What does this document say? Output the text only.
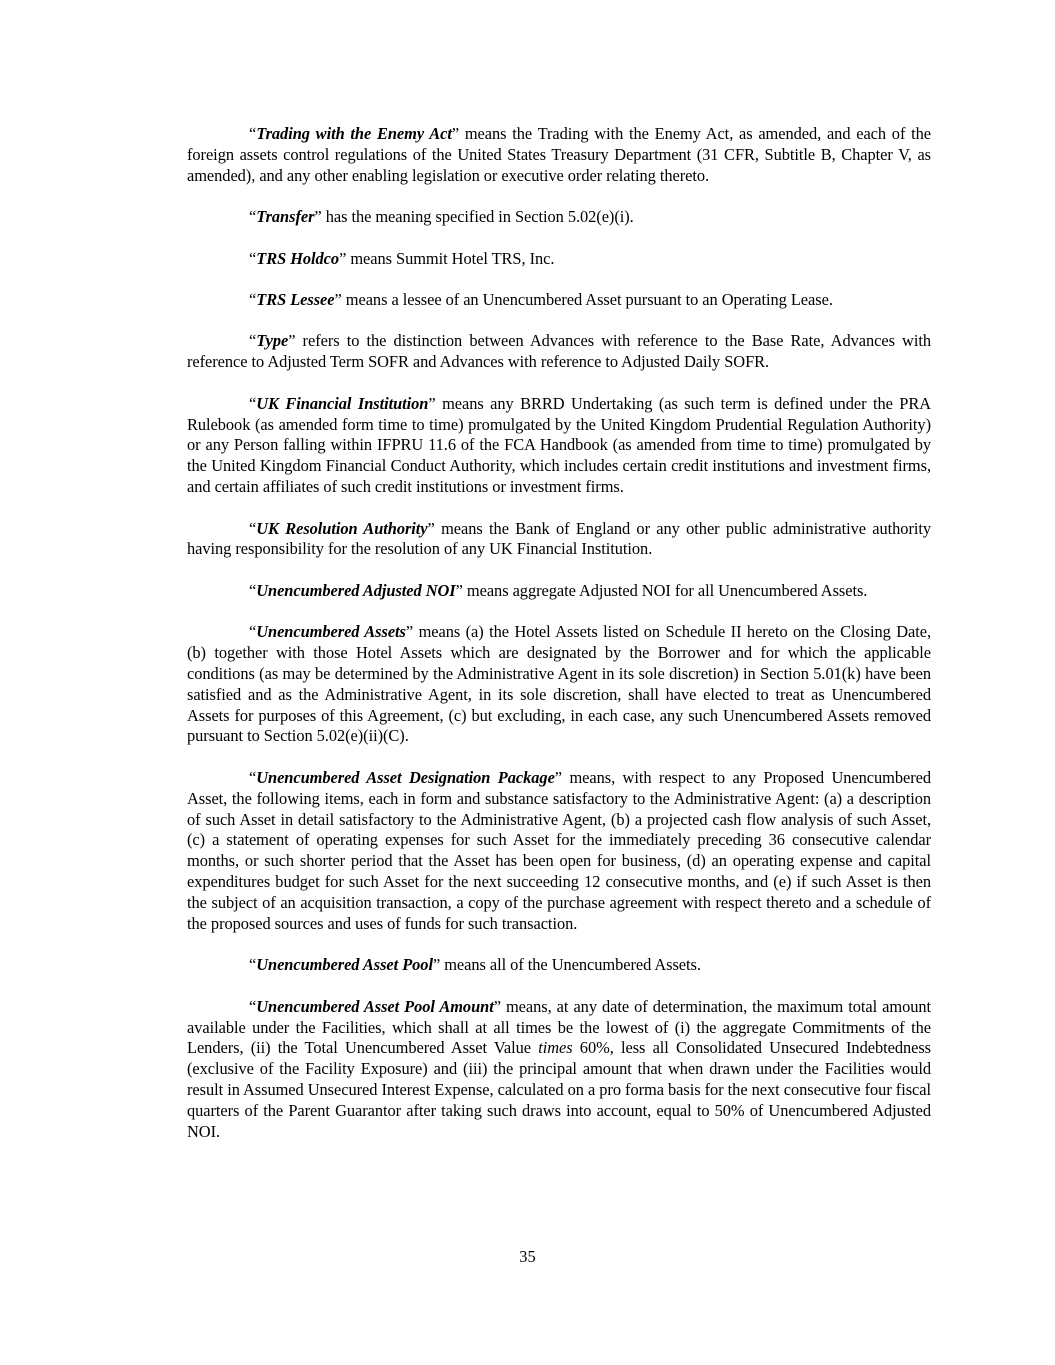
“Trading with the Enemy Act” means the Trading with the Enemy Act, as amended, and each of the foreign assets control regulations of the United States Treasury Department (31 CFR, Subtitle B, Chapter V, as amended), and any other enabling legislation or executive order relating thereto.

“Transfer” has the meaning specified in Section 5.02(e)(i).

“TRS Holdco” means Summit Hotel TRS, Inc.

“TRS Lessee” means a lessee of an Unencumbered Asset pursuant to an Operating Lease.

“Type” refers to the distinction between Advances with reference to the Base Rate, Advances with reference to Adjusted Term SOFR and Advances with reference to Adjusted Daily SOFR.

“UK Financial Institution” means any BRRD Undertaking (as such term is defined under the PRA Rulebook (as amended form time to time) promulgated by the United Kingdom Prudential Regulation Authority) or any Person falling within IFPRU 11.6 of the FCA Handbook (as amended from time to time) promulgated by the United Kingdom Financial Conduct Authority, which includes certain credit institutions and investment firms, and certain affiliates of such credit institutions or investment firms.

“UK Resolution Authority” means the Bank of England or any other public administrative authority having responsibility for the resolution of any UK Financial Institution.

“Unencumbered Adjusted NOI” means aggregate Adjusted NOI for all Unencumbered Assets.

“Unencumbered Assets” means (a) the Hotel Assets listed on Schedule II hereto on the Closing Date, (b) together with those Hotel Assets which are designated by the Borrower and for which the applicable conditions (as may be determined by the Administrative Agent in its sole discretion) in Section 5.01(k) have been satisfied and as the Administrative Agent, in its sole discretion, shall have elected to treat as Unencumbered Assets for purposes of this Agreement, (c) but excluding, in each case, any such Unencumbered Assets removed pursuant to Section 5.02(e)(ii)(C).

“Unencumbered Asset Designation Package” means, with respect to any Proposed Unencumbered Asset, the following items, each in form and substance satisfactory to the Administrative Agent: (a) a description of such Asset in detail satisfactory to the Administrative Agent, (b) a projected cash flow analysis of such Asset, (c) a statement of operating expenses for such Asset for the immediately preceding 36 consecutive calendar months, or such shorter period that the Asset has been open for business, (d) an operating expense and capital expenditures budget for such Asset for the next succeeding 12 consecutive months, and (e) if such Asset is then the subject of an acquisition transaction, a copy of the purchase agreement with respect thereto and a schedule of the proposed sources and uses of funds for such transaction.

“Unencumbered Asset Pool” means all of the Unencumbered Assets.

“Unencumbered Asset Pool Amount” means, at any date of determination, the maximum total amount available under the Facilities, which shall at all times be the lowest of (i) the aggregate Commitments of the Lenders, (ii) the Total Unencumbered Asset Value times 60%, less all Consolidated Unsecured Indebtedness (exclusive of the Facility Exposure) and (iii) the principal amount that when drawn under the Facilities would result in Assumed Unsecured Interest Expense, calculated on a pro forma basis for the next consecutive four fiscal quarters of the Parent Guarantor after taking such draws into account, equal to 50% of Unencumbered Adjusted NOI.

35
